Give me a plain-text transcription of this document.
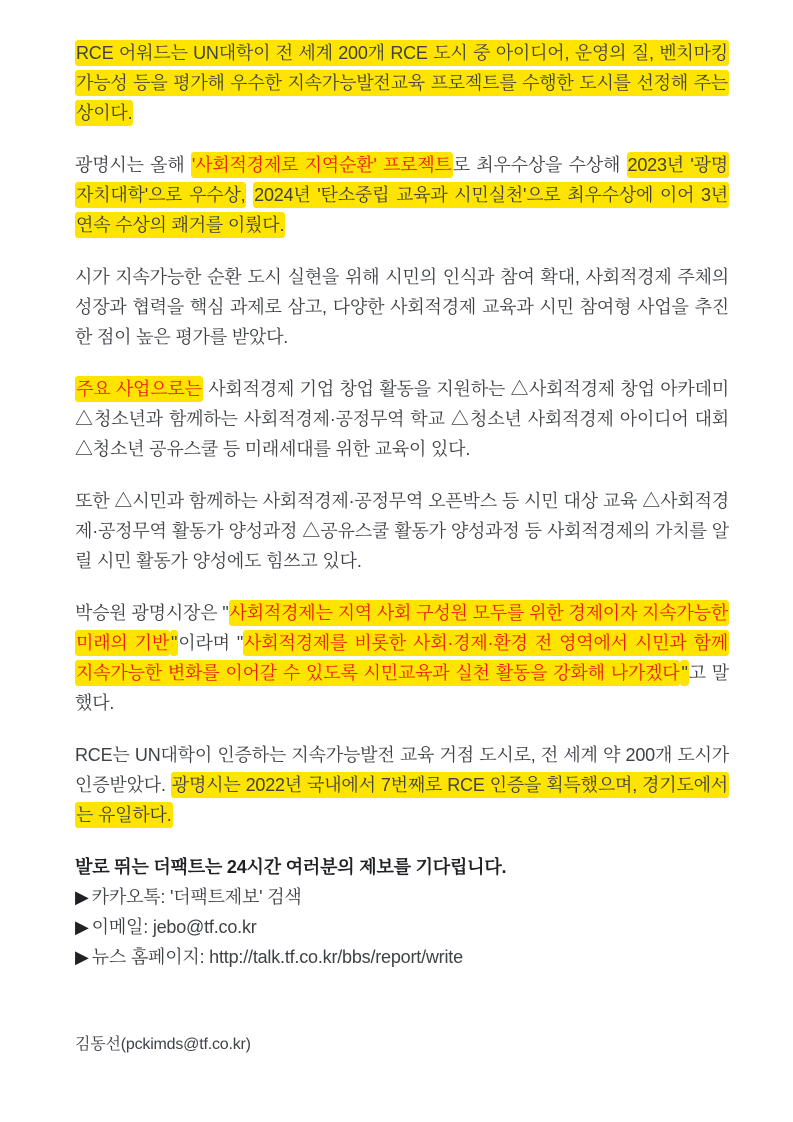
RCE 어워드는 UN대학이 전 세계 200개 RCE 도시 중 아이디어, 운영의 질, 벤치마킹 가능성 등을 평가해 우수한 지속가능발전교육 프로젝트를 수행한 도시를 선정해 주는 상이다.

광명시는 올해 '사회적경제로 지역순환' 프로젝트로 최우수상을 수상해 2023년 '광명자치대학'으로 우수상, 2024년 '탄소중립 교육과 시민실천'으로 최우수상에 이어 3년 연속 수상의 쾌거를 이뤘다.

시가 지속가능한 순환 도시 실현을 위해 시민의 인식과 참여 확대, 사회적경제 주체의 성장과 협력을 핵심 과제로 삼고, 다양한 사회적경제 교육과 시민 참여형 사업을 추진한 점이 높은 평가를 받았다.

주요 사업으로는 사회적경제 기업 창업 활동을 지원하는 △사회적경제 창업 아카데미 △청소년과 함께하는 사회적경제·공정무역 학교 △청소년 사회적경제 아이디어 대회 △청소년 공유스쿨 등 미래세대를 위한 교육이 있다.

또한 △시민과 함께하는 사회적경제·공정무역 오픈박스 등 시민 대상 교육 △사회적경제·공정무역 활동가 양성과정 △공유스쿨 활동가 양성과정 등 사회적경제의 가치를 알릴 시민 활동가 양성에도 힘쓰고 있다.

박승원 광명시장은 "사회적경제는 지역 사회 구성원 모두를 위한 경제이자 지속가능한 미래의 기반 "이라며 "사회적경제를 비롯한 사회·경제·환경 전 영역에서 시민과 함께 지속가능한 변화를 이어갈 수 있도록 시민교육과 실천 활동을 강화해 나가겠다 "고 말했다.

RCE는 UN대학이 인증하는 지속가능발전 교육 거점 도시로, 전 세계 약 200개 도시가 인증받았다. 광명시는 2022년 국내에서 7번째로 RCE 인증을 획득했으며, 경기도에서는 유일하다.

발로 뛰는 더팩트는 24시간 여러분의 제보를 기다립니다.

▶ 카카오톡: '더팩트제보' 검색

▶ 이메일: jebo@tf.co.kr

▶ 뉴스 홈페이지: http://talk.tf.co.kr/bbs/report/write

김동선(pckimds@tf.co.kr)
